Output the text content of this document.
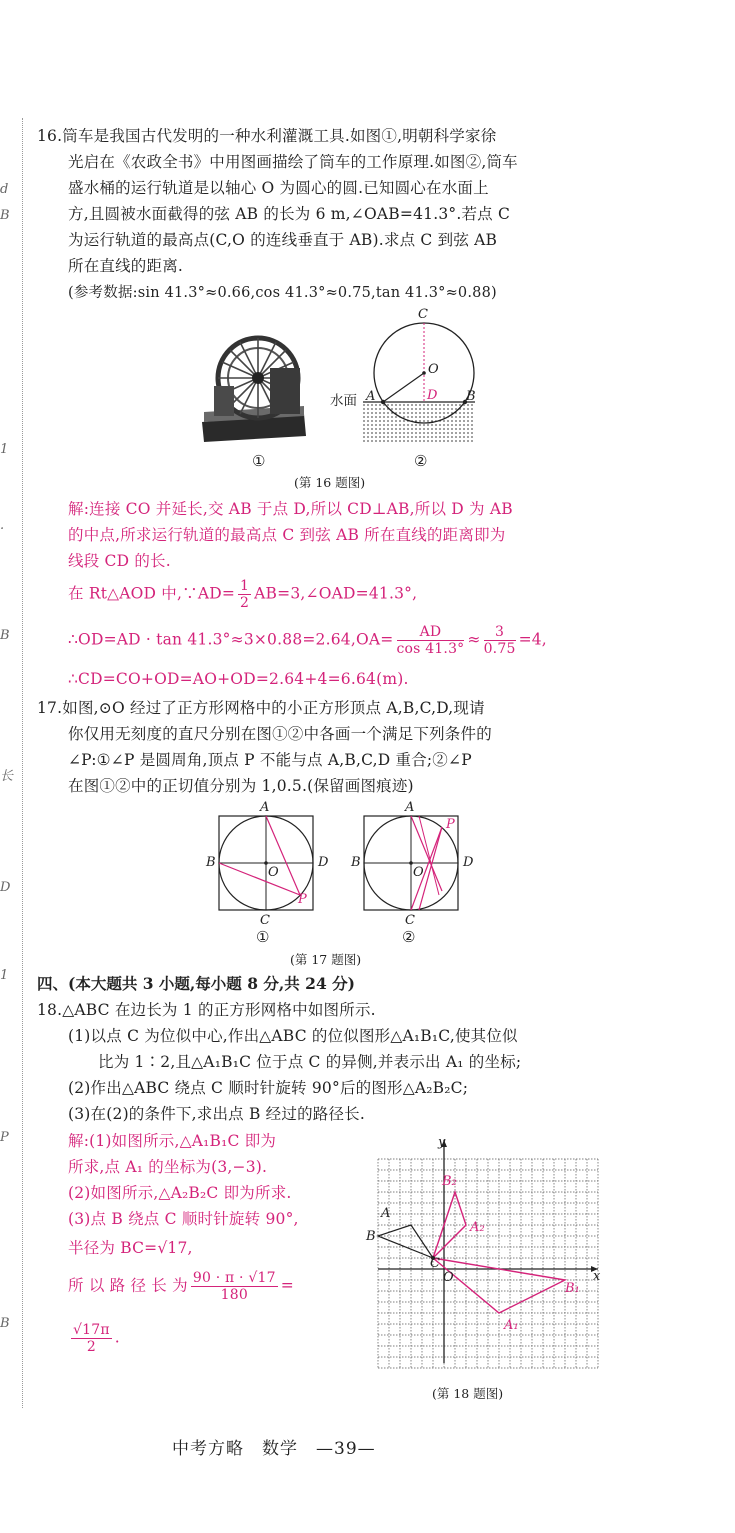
d
B
1
.
B
长
D
1
P
B
16.筒车是我国古代发明的一种水利灌溉工具.如图①,明朝科学家徐
光启在《农政全书》中用图画描绘了筒车的工作原理.如图②,筒车
盛水桶的运行轨道是以轴心 O 为圆心的圆.已知圆心在水面上
方,且圆被水面截得的弦 AB 的长为 6 m,∠OAB=41.3°.若点 C
为运行轨道的最高点(C,O 的连线垂直于 AB).求点 C 到弦 AB
所在直线的距离.
(参考数据:sin 41.3°≈0.66,cos 41.3°≈0.75,tan 41.3°≈0.88)
①
C
O
A	D B
水面
②
(第 16 题图)
解:连接 CO 并延长,交 AB 于点 D,所以 CD⊥AB,所以 D 为 AB
的中点,所求运行轨道的最高点 C 到弦 AB 所在直线的距离即为
线段 CD 的长.
在 Rt△AOD 中,∵AD= $\frac{1}{2}$ AB=3,∠OAD=41.3°,
∴OD=AD · $\tan 41.3^\circ\approx 3\times 0.88=2.64,OA= \frac{AD}{\cos 41.3^\circ} \approx \frac{3}{0.75} =4$,
∴CD=CO+OD=AO+OD=2.64+4=6.64(m).
17.如图,⊙O 经过了正方形网格中的小正方形顶点 A,B,C,D,现请
你仅用无刻度的直尺分别在图①②中各画一个满足下列条件的
∠P:①∠P 是圆周角,顶点 P 不能与点 A,B,C,D 重合;②∠P
在图①②中的正切值分别为 1,0.5.(保留画图痕迹)
A
B	D
O
P
C
①
A
P
B	D
O
C
②
(第 17 题图)
四、(本大题共 3 小题,每小题 8 分,共 24 分)
18.△ABC 在边长为 1 的正方形网格中如图所示.
(1)以点 C 为位似中心,作出△ABC 的位似图形△A₁B₁C,使其位似
比为 1∶2,且△A₁B₁C 位于点 C 的异侧,并表示出 A₁ 的坐标;
(2)作出△ABC 绕点 C 顺时针旋转 90°后的图形△A₂B₂C;
(3)在(2)的条件下,求出点 B 经过的路径长.
解:(1)如图所示,△A₁B₁C 即为
所求,点 A₁ 的坐标为(3,−3).
(2)如图所示,△A₂B₂C 即为所求.
(3)点 B 绕点 C 顺时针旋转 90°,
半径为 BC=√17,
所 以 路 径 长 为 $\frac{90 \cdot \pi \cdot √17}{180}$ =
$\frac{√17\pi}{2}$ .
y
x
O
A
B
C
B₁
A₁
A₂
B₂
(第 18 题图)
中考方略　数学　—39—
